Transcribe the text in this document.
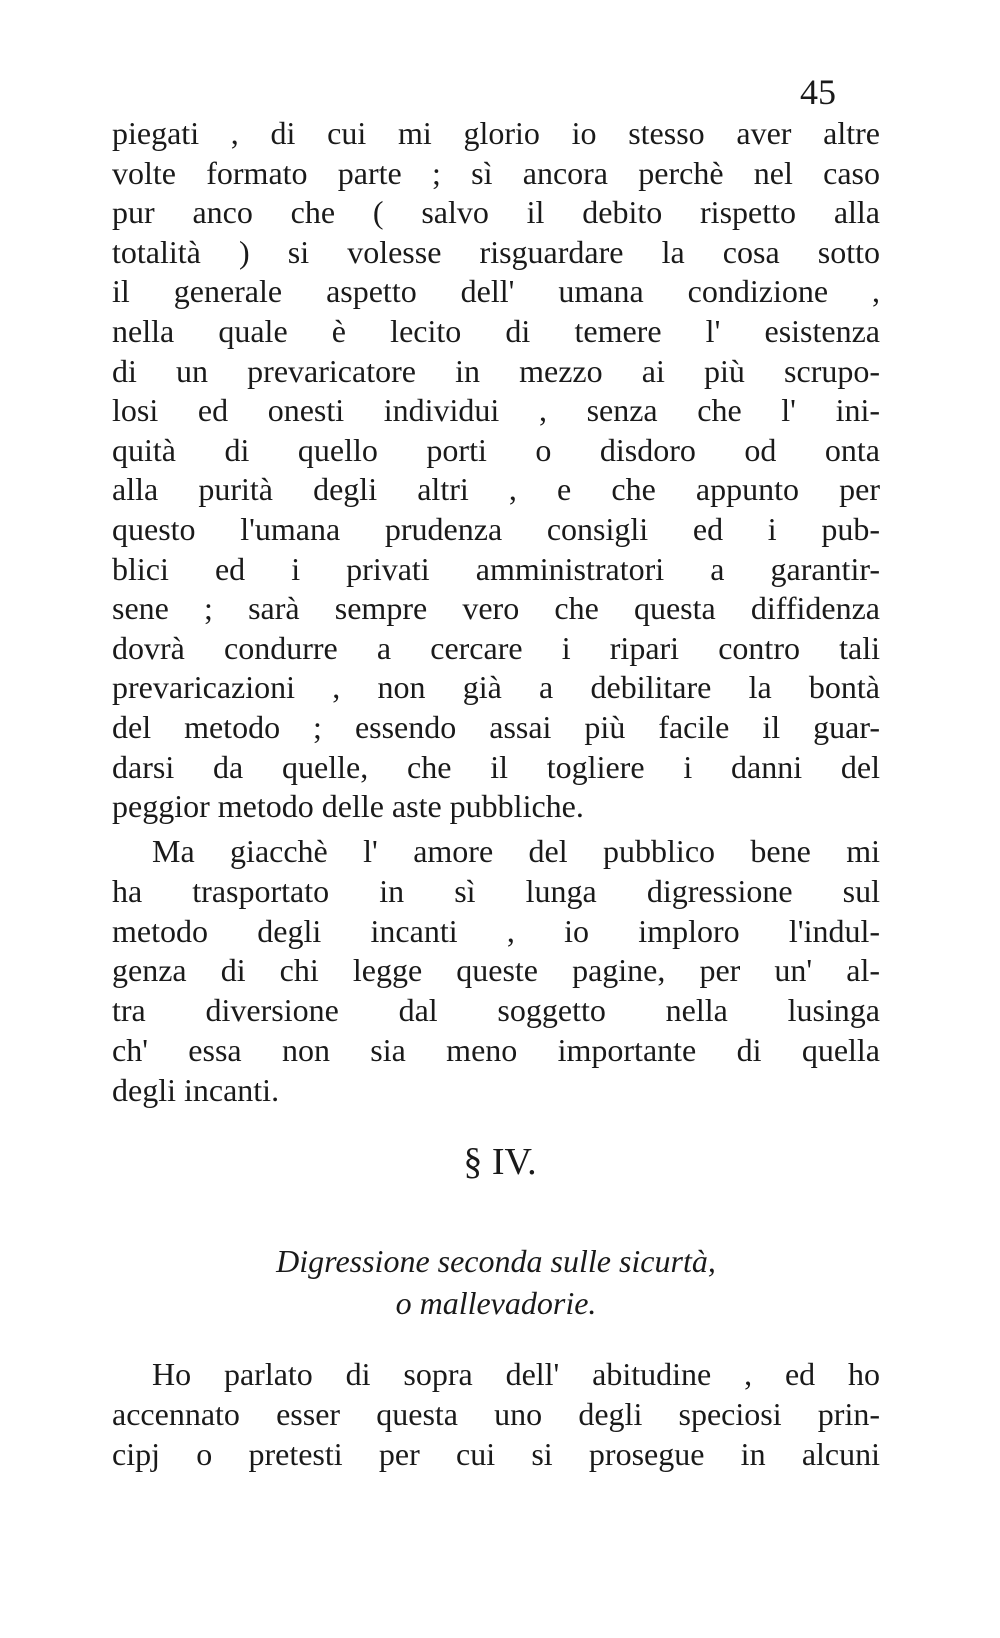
45
piegati , di cui mi glorio io stesso aver altre
volte formato parte ; sì ancora perchè nel caso
pur anco che ( salvo il debito rispetto alla
totalità ) si volesse risguardare la cosa sotto
il generale aspetto dell' umana condizione ,
nella quale è lecito di temere l' esistenza
di un prevaricatore in mezzo ai più scrupo-
losi ed onesti individui , senza che l' ini-
quità di quello porti o disdoro od onta
alla purità degli altri , e che appunto per
questo l'umana prudenza consigli ed i pub-
blici ed i privati amministratori a garantir-
sene ; sarà sempre vero che questa diffidenza
dovrà condurre a cercare i ripari contro tali
prevaricazioni , non già a debilitare la bontà
del metodo ; essendo assai più facile il guar-
darsi da quelle, che il togliere i danni del
peggior metodo delle aste pubbliche.
Ma giacchè l' amore del pubblico bene mi
ha trasportato in sì lunga digressione sul
metodo degli incanti , io imploro l'indul-
genza di chi legge queste pagine, per un' al-
tra diversione dal soggetto nella lusinga
ch' essa non sia meno importante di quella
degli incanti.
§ IV.
Digressione seconda sulle sicurtà,
o mallevadorie.
Ho parlato di sopra dell' abitudine , ed ho
accennato esser questa uno degli speciosi prin-
cipj o pretesti per cui si prosegue in alcuni
